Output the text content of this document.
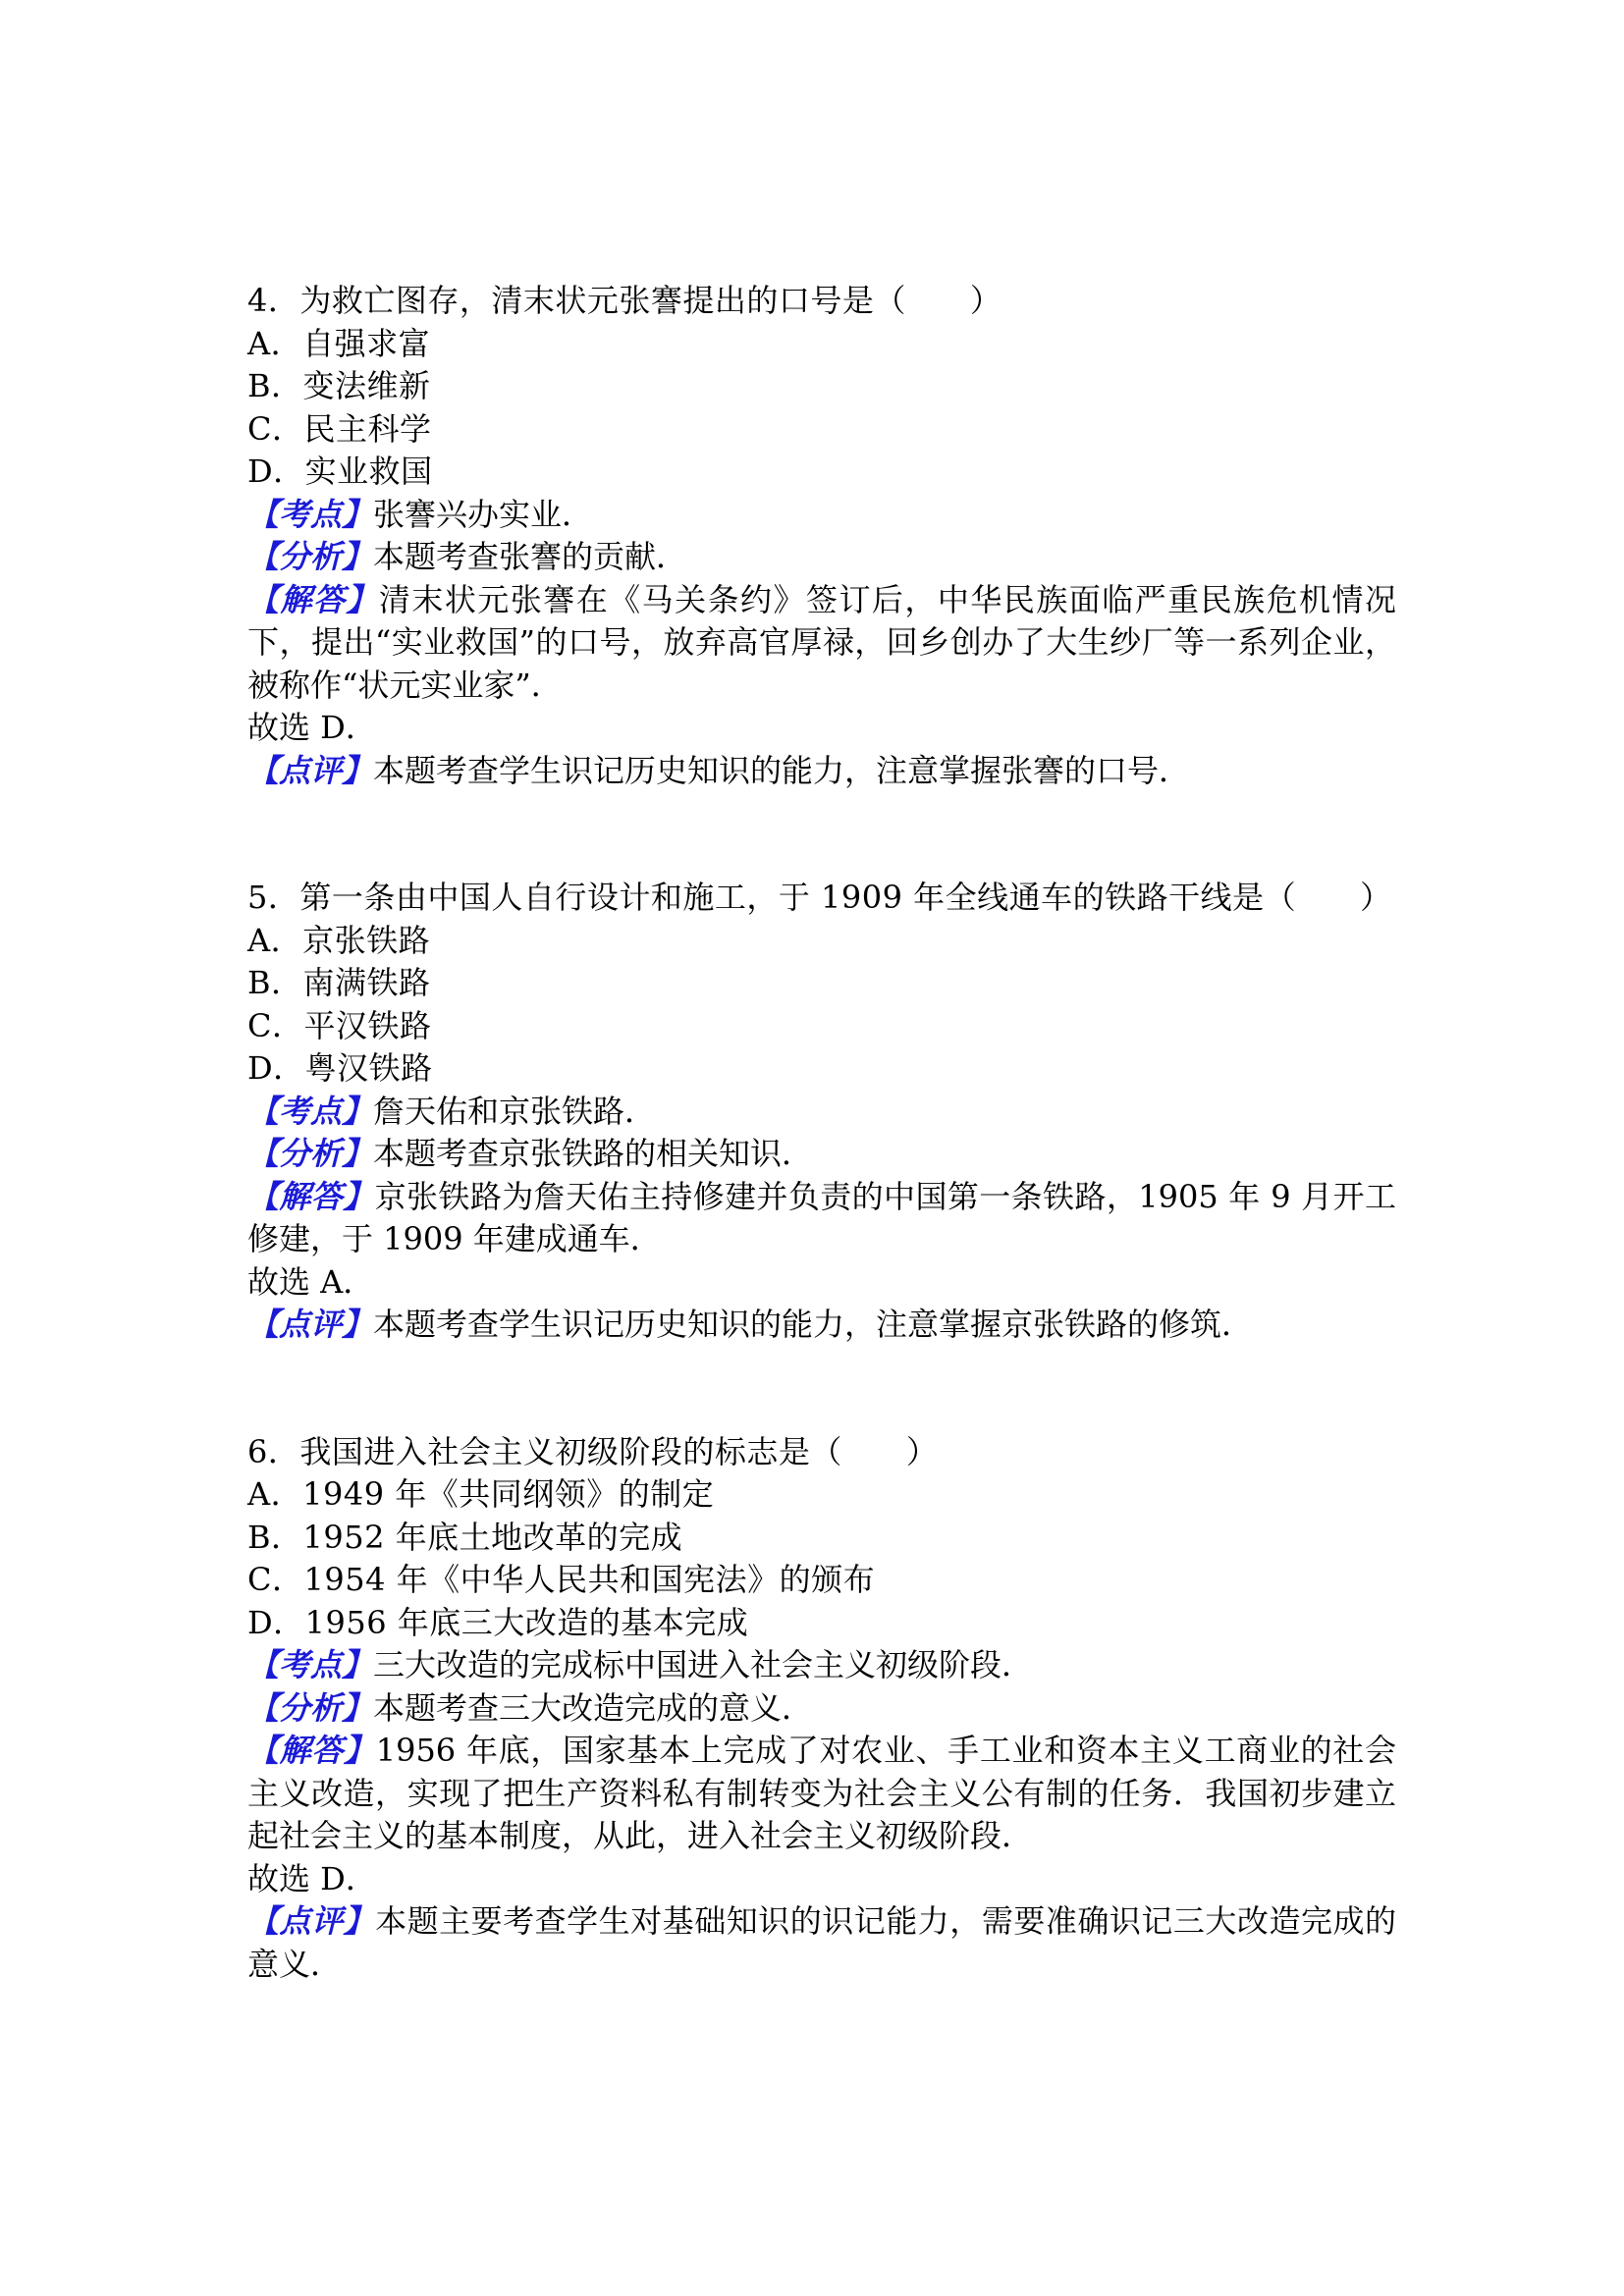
4．为救亡图存，清末状元张謇提出的口号是（　　）

A．自强求富

B．变法维新

C．民主科学

D．实业救国

【考点】张謇兴办实业．

【分析】本题考查张謇的贡献．

【解答】清末状元张謇在《马关条约》签订后，中华民族面临严重民族危机情况下，提出“实业救国”的口号，放弃高官厚禄，回乡创办了大生纱厂等一系列企业，被称作“状元实业家”．

故选 D．

【点评】本题考查学生识记历史知识的能力，注意掌握张謇的口号．

5．第一条由中国人自行设计和施工，于 1909 年全线通车的铁路干线是（　　）

A．京张铁路

B．南满铁路

C．平汉铁路

D．粤汉铁路

【考点】詹天佑和京张铁路．

【分析】本题考查京张铁路的相关知识．

【解答】京张铁路为詹天佑主持修建并负责的中国第一条铁路，1905 年 9 月开工修建，于 1909 年建成通车．

故选 A．

【点评】本题考查学生识记历史知识的能力，注意掌握京张铁路的修筑．

6．我国进入社会主义初级阶段的标志是（　　）

A．1949 年《共同纲领》的制定

B．1952 年底土地改革的完成

C．1954 年《中华人民共和国宪法》的颁布

D．1956 年底三大改造的基本完成

【考点】三大改造的完成标中国进入社会主义初级阶段．

【分析】本题考查三大改造完成的意义．

【解答】1956 年底，国家基本上完成了对农业、手工业和资本主义工商业的社会主义改造，实现了把生产资料私有制转变为社会主义公有制的任务．我国初步建立起社会主义的基本制度，从此，进入社会主义初级阶段．

故选 D．

【点评】本题主要考查学生对基础知识的识记能力，需要准确识记三大改造完成的意义．
